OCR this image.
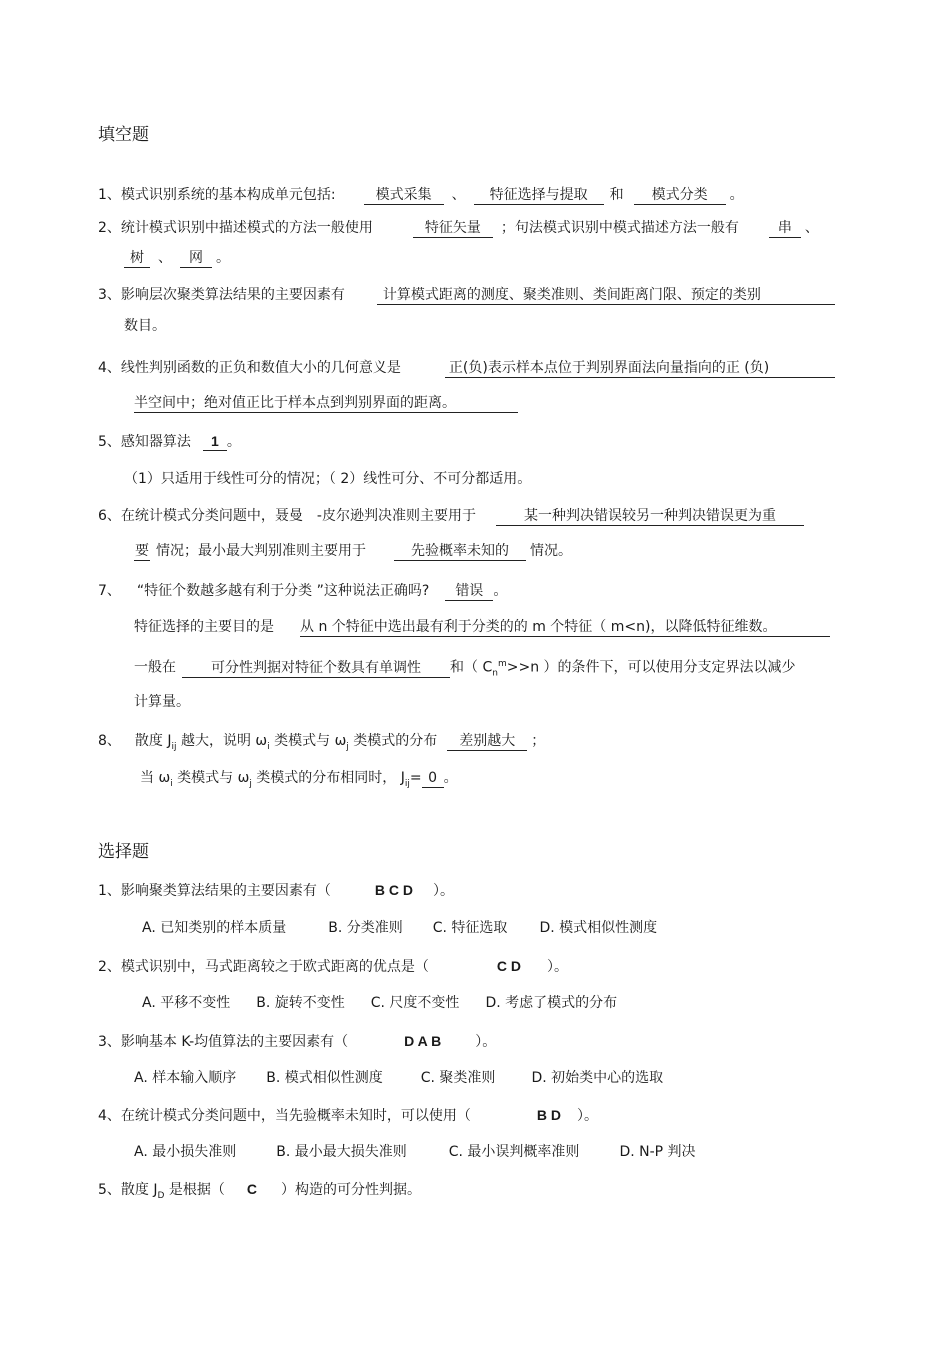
填空题
1、模式识别系统的基本构成单元包括:	模式采集 、 特征选择与提取 和 模式分类 。
2、统计模式识别中描述模式的方法一般使用	特征矢量 ；句法模式识别中模式描述方法一般有	串 、
树 、 网 。
3、影响层次聚类算法结果的主要因素有	计算模式距离的测度、聚类准则、类间距离门限、预定的类别
数目。
4、线性判别函数的正负和数值大小的几何意义是	正(负)表示样本点位于判别界面法向量指向的正 (负)
半空间中；绝对值正比于样本点到判别界面的距离。
5、感知器算法 1 。
（1）只适用于线性可分的情况；（ 2）线性可分、不可分都适用。
6、在统计模式分类问题中，聂曼 -皮尔逊判决准则主要用于	某一种判决错误较另一种判决错误更为重
要 情况；最小最大判别准则主要用于	先验概率未知的 情况。
7、 “特征个数越多越有利于分类 ”这种说法正确吗? 错误 。
特征选择的主要目的是 从 n 个特征中选出最有利于分类的的 m 个特征（ m<n)，以降低特征维数。
一般在	可分性判据对特征个数具有单调性 和（ $C_n^m>>n$ ）的条件下，可以使用分支定界法以减少
计算量。
8、 散度 $J_{ij}$ 越大，说明 $\omega_i$ 类模式与 $\omega_j$ 类模式的分布 差别越大 ；
当 $\omega_i$ 类模式与 $\omega_j$ 类模式的分布相同时， $J_{ij}= 0$ 。
选择题
1、影响聚类算法结果的主要因素有（	B C D ）。
A. 已知类别的样本质量	B. 分类准则 C. 特征选取 D. 模式相似性测度
2、模式识别中，马式距离较之于欧式距离的优点是（	C D ）。
A. 平移不变性 B. 旋转不变性 C. 尺度不变性 D. 考虑了模式的分布
3、影响基本 K-均值算法的主要因素有（	D A B ）。
A. 样本输入顺序 B. 模式相似性测度	C. 聚类准则	D. 初始类中心的选取
4、在统计模式分类问题中，当先验概率未知时，可以使用（	B D ）。
A. 最小损失准则	B. 最小最大损失准则	C. 最小误判概率准则	D. N-P 判决
5、散度 $J_D$ 是根据（ C ）构造的可分性判据。
